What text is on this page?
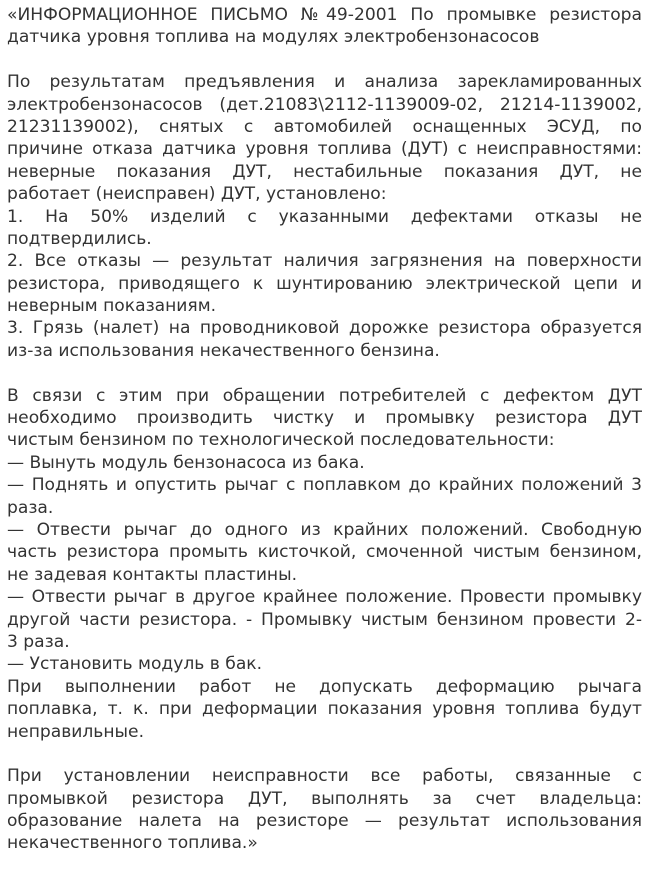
«ИНФОРМАЦИОННОЕ ПИСЬМО №49-2001 По промывке резистора
датчика уровня топлива на модулях электробензонасосов
По результатам предъявления и анализа зарекламированных
электробензонасосов (дет.21083\2112-1139009-02, 21214-1139002,
21231139002), снятых с автомобилей оснащенных ЭСУД, по
причине отказа датчика уровня топлива (ДУТ) с неисправностями:
неверные показания ДУТ, нестабильные показания ДУТ, не
работает (неисправен) ДУТ, установлено:
1. На 50% изделий с указанными дефектами отказы не
подтвердились.
2. Все отказы — результат наличия загрязнения на поверхности
резистора, приводящего к шунтированию электрической цепи и
неверным показаниям.
3. Грязь (налет) на проводниковой дорожке резистора образуется
из-за использования некачественного бензина.
В связи с этим при обращении потребителей с дефектом ДУТ
необходимо производить чистку и промывку резистора ДУТ
чистым бензином по технологической последовательности:
— Вынуть модуль бензонасоса из бака.
— Поднять и опустить рычаг с поплавком до крайних положений 3
раза.
— Отвести рычаг до одного из крайних положений. Свободную
часть резистора промыть кисточкой, смоченной чистым бензином,
не задевая контакты пластины.
— Отвести рычаг в другое крайнее положение. Провести промывку
другой части резистора. - Промывку чистым бензином провести 2-
3 раза.
— Установить модуль в бак.
При выполнении работ не допускать деформацию рычага
поплавка, т. к. при деформации показания уровня топлива будут
неправильные.
При установлении неисправности все работы, связанные с
промывкой резистора ДУТ, выполнять за счет владельца:
образование налета на резисторе — результат использования
некачественного топлива.»
